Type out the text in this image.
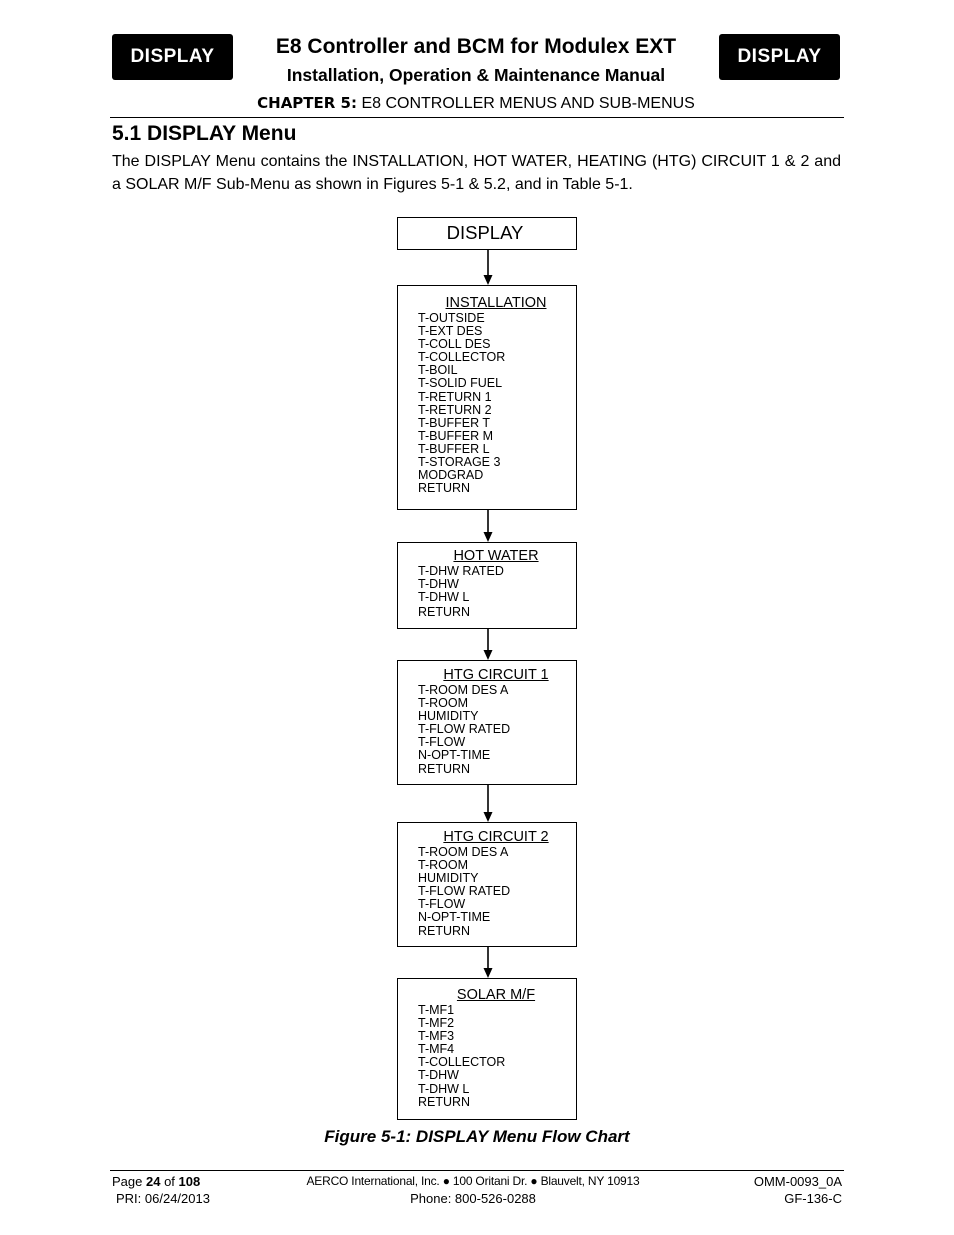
DISPLAY	DISPLAY
E8 Controller and BCM for Modulex EXT
Installation, Operation & Maintenance Manual
CHAPTER 5: E8 CONTROLLER MENUS AND SUB-MENUS
5.1 DISPLAY Menu
The DISPLAY Menu contains the INSTALLATION, HOT WATER, HEATING (HTG) CIRCUIT 1 & 2 and a SOLAR M/F Sub-Menu as shown in Figures 5-1 & 5.2, and in Table 5-1.
DISPLAY
INSTALLATION
T-OUTSIDE
T-EXT DES
T-COLL DES
T-COLLECTOR
T-BOIL
T-SOLID FUEL
T-RETURN 1
T-RETURN 2
T-BUFFER T
T-BUFFER M
T-BUFFER L
T-STORAGE 3
MODGRAD
RETURN
HOT WATER
T-DHW RATED
T-DHW
T-DHW L
RETURN
HTG CIRCUIT 1
T-ROOM DES A
T-ROOM
HUMIDITY
T-FLOW RATED
T-FLOW
N-OPT-TIME
RETURN
HTG CIRCUIT 2
T-ROOM DES A
T-ROOM
HUMIDITY
T-FLOW RATED
T-FLOW
N-OPT-TIME
RETURN
SOLAR M/F
T-MF1
T-MF2
T-MF3
T-MF4
T-COLLECTOR
T-DHW
T-DHW L
RETURN
Figure 5-1: DISPLAY Menu Flow Chart
Page 24 of 108
PRI: 06/24/2013
AERCO International, Inc. ● 100 Oritani Dr. ● Blauvelt, NY 10913
Phone: 800-526-0288
OMM-0093_0A
GF-136-C
